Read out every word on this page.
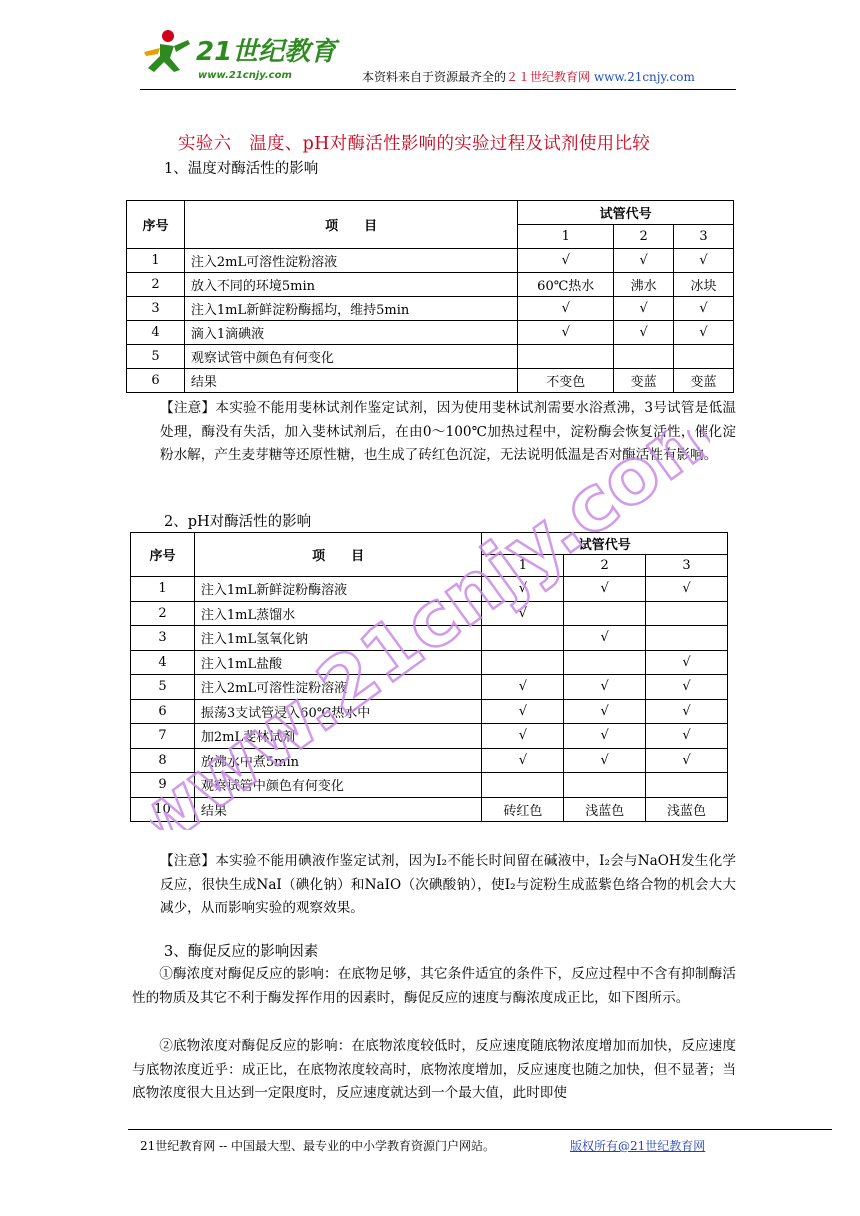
21世纪教育
www.21cnjy.com	本资料来自于资源最齐全的２１世纪教育网 www.21cnjy.com
实验六　温度、pH对酶活性影响的实验过程及试剂使用比较
1、温度对酶活性的影响
序号	项　　目	试管代号		
		1	2	3
1	注入2mL可溶性淀粉溶液	√	√	√
2	放入不同的环境5min	60℃热水	沸水	冰块
3	注入1mL新鲜淀粉酶摇均，维持5min	√	√	√
4	滴入1滴碘液	√	√	√
5	观察试管中颜色有何变化			
6	结果	不变色	变蓝	变蓝
【注意】本实验不能用斐林试剂作鉴定试剂，因为使用斐林试剂需要水浴煮沸，3号试管是低温处理，酶没有失活，加入斐林试剂后，在由0～100℃加热过程中，淀粉酶会恢复活性，催化淀粉水解，产生麦芽糖等还原性糖，也生成了砖红色沉淀，无法说明低温是否对酶活性有影响。
2、pH对酶活性的影响
序号	项　　目	试管代号		
		1	2	3
1	注入1mL新鲜淀粉酶溶液	√	√	√
2	注入1mL蒸馏水	√		
3	注入1mL氢氧化钠		√	
4	注入1mL盐酸			√
5	注入2mL可溶性淀粉溶液	√	√	√
6	振荡3支试管浸入60℃热水中	√	√	√
7	加2mL斐林试剂	√	√	√
8	放沸水中煮5min	√	√	√
9	观察试管中颜色有何变化			
10	结果	砖红色	浅蓝色	浅蓝色
【注意】本实验不能用碘液作鉴定试剂，因为I₂不能长时间留在碱液中，I₂会与NaOH发生化学反应，很快生成NaI（碘化钠）和NaIO（次碘酸钠），使I₂与淀粉生成蓝紫色络合物的机会大大减少，从而影响实验的观察效果。
3、酶促反应的影响因素
①酶浓度对酶促反应的影响：在底物足够，其它条件适宜的条件下，反应过程中不含有抑制酶活性的物质及其它不利于酶发挥作用的因素时，酶促反应的速度与酶浓度成正比，如下图所示。
②底物浓度对酶促反应的影响：在底物浓度较低时，反应速度随底物浓度增加而加快，反应速度与底物浓度近乎：成正比，在底物浓度较高时，底物浓度增加，反应速度也随之加快，但不显著；当底物浓度很大且达到一定限度时，反应速度就达到一个最大值，此时即使
www.21cnjy.com
21世纪教育网 -- 中国最大型、最专业的中小学教育资源门户网站。	版权所有@21世纪教育网
